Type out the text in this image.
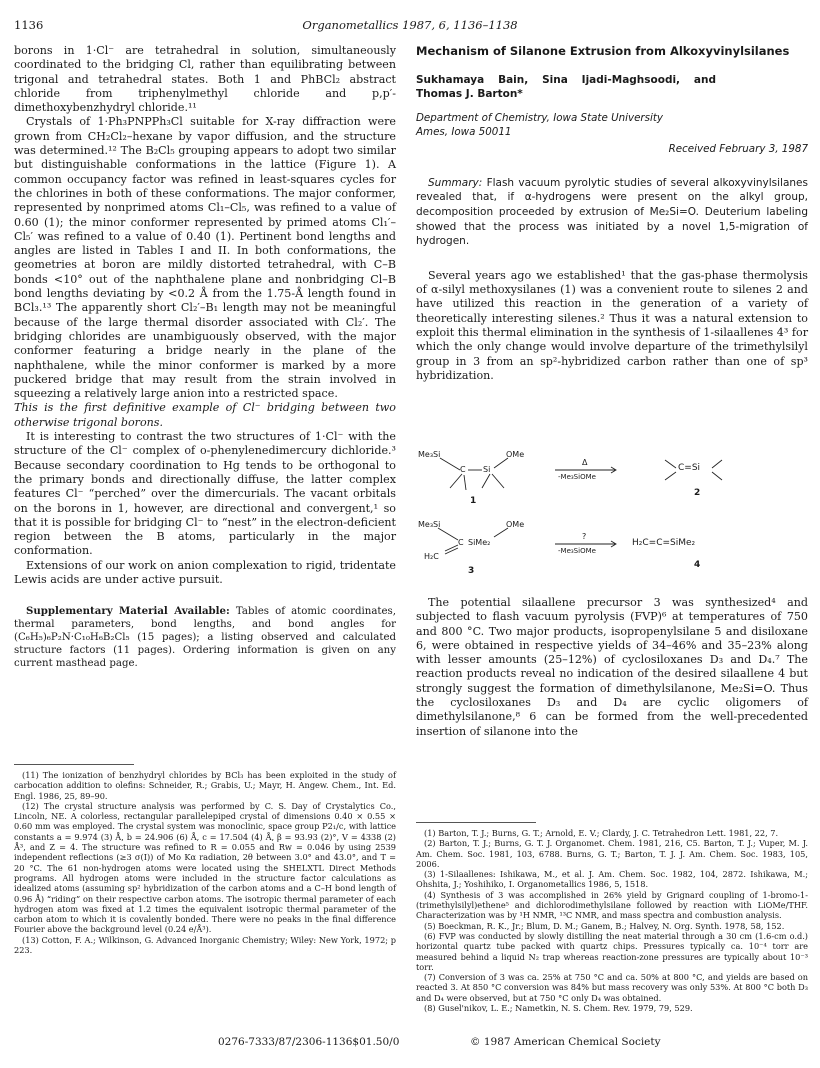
1136	Organometallics 1987, 6, 1136–1138

borons in 1·Cl⁻ are tetrahedral in solution, simultaneously coordinated to the bridging Cl, rather than equilibrating between trigonal and tetrahedral states. Both 1 and PhBCl₂ abstract chloride from triphenylmethyl chloride and p,p′-dimethoxybenzhydryl chloride.¹¹

Crystals of 1·Ph₃PNPPh₃Cl suitable for X-ray diffraction were grown from CH₂Cl₂–hexane by vapor diffusion, and the structure was determined.¹² The B₂Cl₅ grouping appears to adopt two similar but distinguishable conformations in the lattice (Figure 1). A common occupancy factor was refined in least-squares cycles for the chlorines in both of these conformations. The major conformer, represented by nonprimed atoms Cl₁–Cl₅, was refined to a value of 0.60 (1); the minor conformer represented by primed atoms Cl₁′–Cl₅′ was refined to a value of 0.40 (1). Pertinent bond lengths and angles are listed in Tables I and II. In both conformations, the geometries at boron are mildly distorted tetrahedral, with C–B bonds <10° out of the naphthalene plane and nonbridging Cl–B bond lengths deviating by <0.2 Å from the 1.75-Å length found in BCl₃.¹³ The apparently short Cl₂′–B₁ length may not be meaningful because of the large thermal disorder associated with Cl₂′. The bridging chlorides are unambiguously observed, with the major conformer featuring a bridge nearly in the plane of the naphthalene, while the minor conformer is marked by a more puckered bridge that may result from the strain involved in squeezing a relatively large anion into a restricted space.

This is the first definitive example of Cl⁻ bridging between two otherwise trigonal borons.

It is interesting to contrast the two structures of 1·Cl⁻ with the structure of the Cl⁻ complex of o-phenylenedimercury dichloride.³ Because secondary coordination to Hg tends to be orthogonal to the primary bonds and directionally diffuse, the latter complex features Cl⁻ “perched” over the dimercurials. The vacant orbitals on the borons in 1, however, are directional and convergent,¹ so that it is possible for bridging Cl⁻ to “nest” in the electron-deficient region between the B atoms, particularly in the major conformation.

Extensions of our work on anion complexation to rigid, tridentate Lewis acids are under active pursuit.

Supplementary Material Available: Tables of atomic coordinates, thermal parameters, bond lengths, and bond angles for (C₆H₅)₆P₂N·C₁₀H₆B₂Cl₅ (15 pages); a listing observed and calculated structure factors (11 pages). Ordering information is given on any current masthead page.

(11) The ionization of benzhydryl chlorides by BCl₃ has been exploited in the study of carbocation addition to olefins: Schneider, R.; Grabis, U.; Mayr, H. Angew. Chem., Int. Ed. Engl. 1986, 25, 89–90.

(12) The crystal structure analysis was performed by C. S. Day of Crystalytics Co., Lincoln, NE. A colorless, rectangular parallelepiped crystal of dimensions 0.40 × 0.55 × 0.60 mm was employed. The crystal system was monoclinic, space group P2₁/c, with lattice constants a = 9.974 (3) Å, b = 24.906 (6) Å, c = 17.504 (4) Å, β = 93.93 (2)°, V = 4338 (2) Å³, and Z = 4. The structure was refined to R = 0.055 and Rw = 0.046 by using 2539 independent reflections (≥3 σ(I)) of Mo Kα radiation, 2θ between 3.0° and 43.0°, and T = 20 °C. The 61 non-hydrogen atoms were located using the SHELXTL Direct Methods programs. All hydrogen atoms were included in the structure factor calculations as idealized atoms (assuming sp² hybridization of the carbon atoms and a C–H bond length of 0.96 Å) “riding” on their respective carbon atoms. The isotropic thermal parameter of each hydrogen atom was fixed at 1.2 times the equivalent isotropic thermal parameter of the carbon atom to which it is covalently bonded. There were no peaks in the final difference Fourier above the background level (0.24 e/Å³).

(13) Cotton, F. A.; Wilkinson, G. Advanced Inorganic Chemistry; Wiley: New York, 1972; p 223.

Mechanism of Silanone Extrusion from Alkoxyvinylsilanes
Sukhamaya Bain, Sina Ijadi-Maghsoodi, and Thomas J. Barton*
Department of Chemistry, Iowa State University
Ames, Iowa 50011
Received February 3, 1987

Summary: Flash vacuum pyrolytic studies of several alkoxyvinylsilanes revealed that, if α-hydrogens were present on the alkyl group, decomposition proceeded by extrusion of Me₂Si=O. Deuterium labeling showed that the process was initiated by a novel 1,5-migration of hydrogen.

Several years ago we established¹ that the gas-phase thermolysis of α-silyl methoxysilanes (1) was a convenient route to silenes 2 and have utilized this reaction in the generation of a variety of theoretically interesting silenes.² Thus it was a natural extension to exploit this thermal elimination in the synthesis of 1-silaallenes 4³ for which the only change would involve departure of the trimethylsilyl group in 3 from an sp²-hybridized carbon rather than one of sp³ hybridization.

Me₃Si	OMe
C Si
1
Δ
-Me₃SiOMe
C=Si
2
Me₃Si	OMe
C SiMe₂
H₂C
3
?
-Me₃SiOMe
H₂C=C=SiMe₂
4

The potential silaallene precursor 3 was synthesized⁴ and subjected to flash vacuum pyrolysis (FVP)⁶ at temperatures of 750 and 800 °C. Two major products, isopropenylsilane 5 and disiloxane 6, were obtained in respective yields of 34–46% and 35–23% along with lesser amounts (25–12%) of cyclosiloxanes D₃ and D₄.⁷ The reaction products reveal no indication of the desired silaallene 4 but strongly suggest the formation of dimethylsilanone, Me₂Si=O. Thus the cyclosiloxanes D₃ and D₄ are cyclic oligomers of dimethylsilanone,⁸ 6 can be formed from the well-precedented insertion of silanone into the

(1) Barton, T. J.; Burns, G. T.; Arnold, E. V.; Clardy, J. C. Tetrahedron Lett. 1981, 22, 7.

(2) Barton, T. J.; Burns, G. T. J. Organomet. Chem. 1981, 216, C5. Barton, T. J.; Vuper, M. J. Am. Chem. Soc. 1981, 103, 6788. Burns, G. T.; Barton, T. J. J. Am. Chem. Soc. 1983, 105, 2006.

(3) 1-Silaallenes: Ishikawa, M., et al. J. Am. Chem. Soc. 1982, 104, 2872. Ishikawa, M.; Ohshita, J.; Yoshihiko, I. Organometallics 1986, 5, 1518.

(4) Synthesis of 3 was accomplished in 26% yield by Grignard coupling of 1-bromo-1-(trimethylsilyl)ethene⁵ and dichlorodimethylsilane followed by reaction with LiOMe/THF. Characterization was by ¹H NMR, ¹³C NMR, and mass spectra and combustion analysis.

(5) Boeckman, R. K., Jr.; Blum, D. M.; Ganem, B.; Halvey, N. Org. Synth. 1978, 58, 152.

(6) FVP was conducted by slowly distilling the neat material through a 30 cm (1.6-cm o.d.) horizontal quartz tube packed with quartz chips. Pressures typically ca. 10⁻⁴ torr are measured behind a liquid N₂ trap whereas reaction-zone pressures are typically about 10⁻³ torr.

(7) Conversion of 3 was ca. 25% at 750 °C and ca. 50% at 800 °C, and yields are based on reacted 3. At 850 °C conversion was 84% but mass recovery was only 53%. At 800 °C both D₃ and D₄ were observed, but at 750 °C only D₄ was obtained.

(8) Gusel'nikov, L. E.; Nametkin, N. S. Chem. Rev. 1979, 79, 529.

0276-7333/87/2306-1136$01.50/0	© 1987 American Chemical Society
